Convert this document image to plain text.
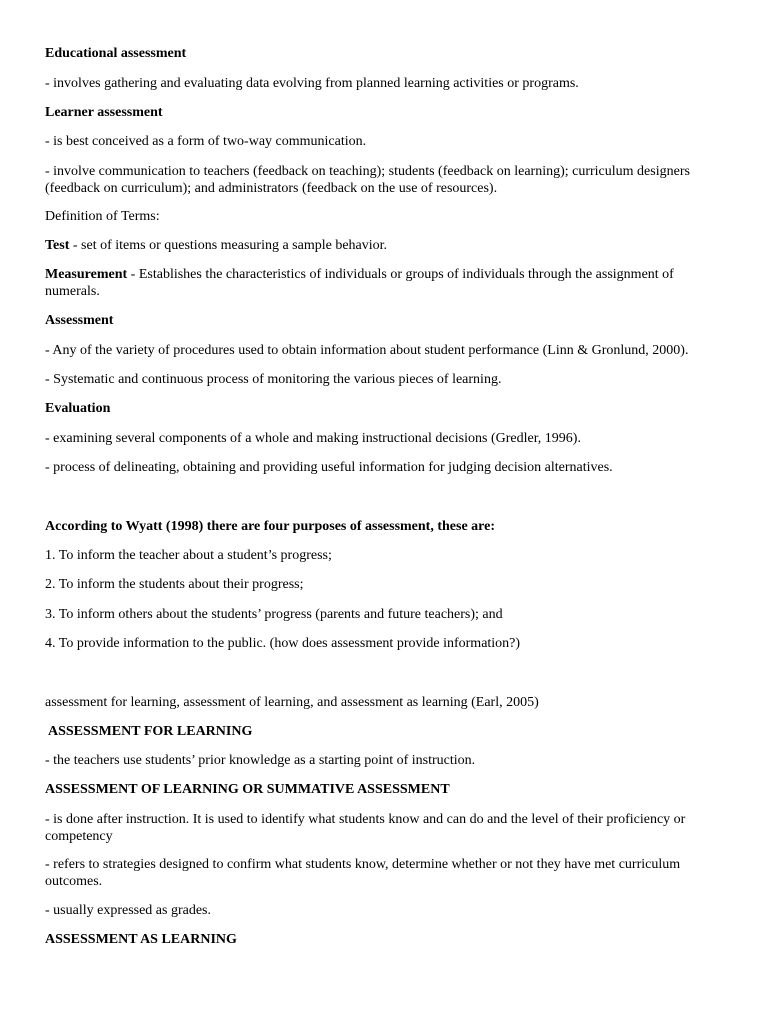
Educational assessment
- involves gathering and evaluating data evolving from planned learning activities or programs.
Learner assessment
- is best conceived as a form of two-way communication.
- involve communication to teachers (feedback on teaching); students (feedback on learning); curriculum designers (feedback on curriculum); and administrators (feedback on the use of resources).
Definition of Terms:
Test - set of items or questions measuring a sample behavior.
Measurement - Establishes the characteristics of individuals or groups of individuals through the assignment of numerals.
Assessment
- Any of the variety of procedures used to obtain information about student performance (Linn & Gronlund, 2000).
- Systematic and continuous process of monitoring the various pieces of learning.
Evaluation
- examining several components of a whole and making instructional decisions (Gredler, 1996).
- process of delineating, obtaining and providing useful information for judging decision alternatives.
According to Wyatt (1998) there are four purposes of assessment, these are:
1. To inform the teacher about a student’s progress;
2. To inform the students about their progress;
3. To inform others about the students’ progress (parents and future teachers); and
4. To provide information to the public. (how does assessment provide information?)
assessment for learning, assessment of learning, and assessment as learning (Earl, 2005)
ASSESSMENT FOR LEARNING
- the teachers use students’ prior knowledge as a starting point of instruction.
ASSESSMENT OF LEARNING OR SUMMATIVE ASSESSMENT
- is done after instruction. It is used to identify what students know and can do and the level of their proficiency or competency
- refers to strategies designed to confirm what students know, determine whether or not they have met curriculum outcomes.
- usually expressed as grades.
ASSESSMENT AS LEARNING
